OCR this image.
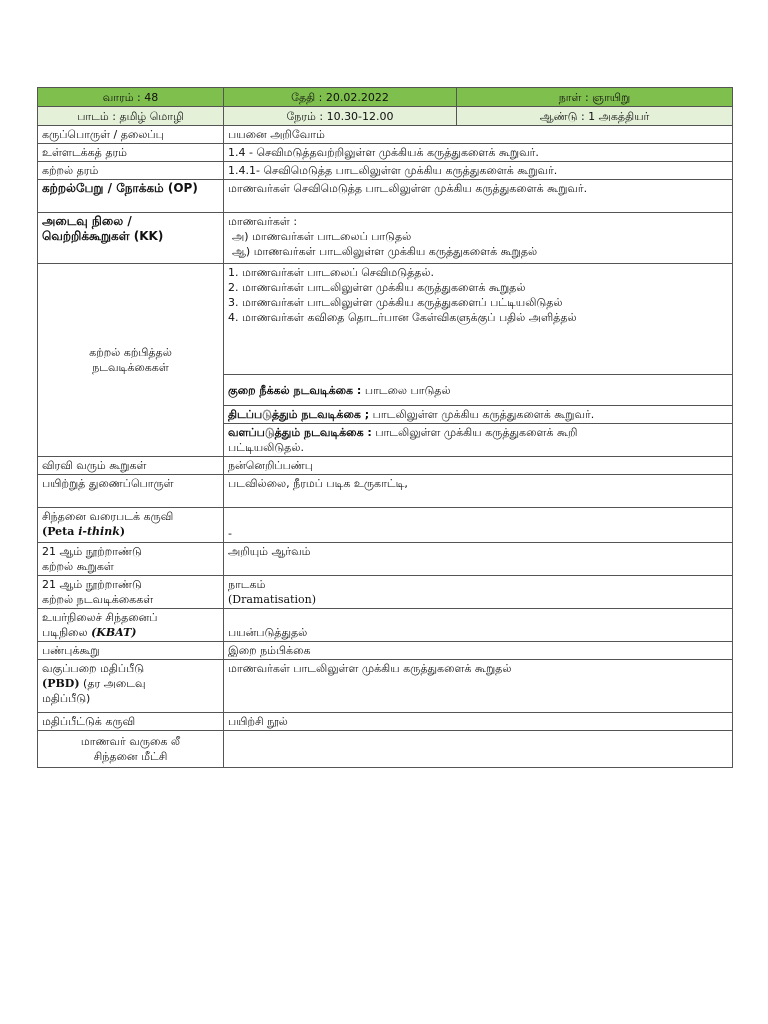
வாரம் : 48	தேதி : 20.02.2022	நாள் : ஞாயிறு
பாடம் : தமிழ் மொழி	நேரம் : 10.30-12.00	ஆண்டு : 1 அகத்தியர்
கருப்பொருள் / தலைப்பு	பயனை அறிவோம்	
உள்ளடக்கத் தரம்	1.4 - செவிமடுத்தவற்றிலுள்ள முக்கியக் கருத்துகளைக் கூறுவர்.	
கற்றல் தரம்	1.4.1- செவிமெடுத்த பாடலிலுள்ள முக்கிய கருத்துகளைக் கூறுவர்.	
கற்றல்பேறு / நோக்கம் (OP)	மாணவர்கள் செவிமெடுத்த பாடலிலுள்ள முக்கிய கருத்துகளைக் கூறுவர்.	
அடைவு நிலை / வெற்றிக்கூறுகள் (KK)	மாணவர்கள் :
அ) மாணவர்கள் பாடலைப் பாடுதல்
ஆ) மாணவர்கள் பாடலிலுள்ள முக்கிய கருத்துகளைக் கூறுதல்	

கற்றல் கற்பித்தல்
நடவடிக்கைகள்	1. மாணவர்கள் பாடலைப் செவிமடுத்தல்.
2. மாணவர்கள் பாடலிலுள்ள முக்கிய கருத்துகளைக் கூறுதல்
3. மாணவர்கள் பாடலிலுள்ள முக்கிய கருத்துகளைப் பட்டியலிடுதல்
4. மாணவர்கள் கவிதை தொடர்பான கேள்விகளுக்குப் பதில் அளித்தல்	

	குறை நீக்கல் நடவடிக்கை : பாடலை பாடுதல்	
	திடப்படுத்தும் நடவடிக்கை ; பாடலிலுள்ள முக்கிய கருத்துகளைக் கூறுவர்.	
	வளப்படுத்தும் நடவடிக்கை : பாடலிலுள்ள முக்கிய கருத்துகளைக் கூறி
பட்டியலிடுதல்.	

விரவி வரும் கூறுகள்	நன்னெறிப்பண்பு	
பயிற்றுத் துணைப்பொருள்	படவில்லை, நீரமப் படிக உருகாட்டி,	

சிந்தனை வரைபடக் கருவி
(Peta i-think)	-	

21 ஆம் நூற்றாண்டு
கற்றல் கூறுகள்	அறியும் ஆர்வம்	

21 ஆம் நூற்றாண்டு
கற்றல் நடவடிக்கைகள்	நாடகம்
(Dramatisation)	

உயர்நிலைச் சிந்தனைப்
படிநிலை (KBAT)	பயன்படுத்துதல்	
பண்புக்கூறு	இறை நம்பிக்கை	

வகுப்பறை மதிப்பீடு
(PBD) (தர அடைவு
மதிப்பீடு)	மாணவர்கள் பாடலிலுள்ள முக்கிய கருத்துகளைக் கூறுதல்	
மதிப்பீட்டுக் கருவி	பயிற்சி நூல்	

மாணவர் வருகை லீ
சிந்தனை மீட்சி		
